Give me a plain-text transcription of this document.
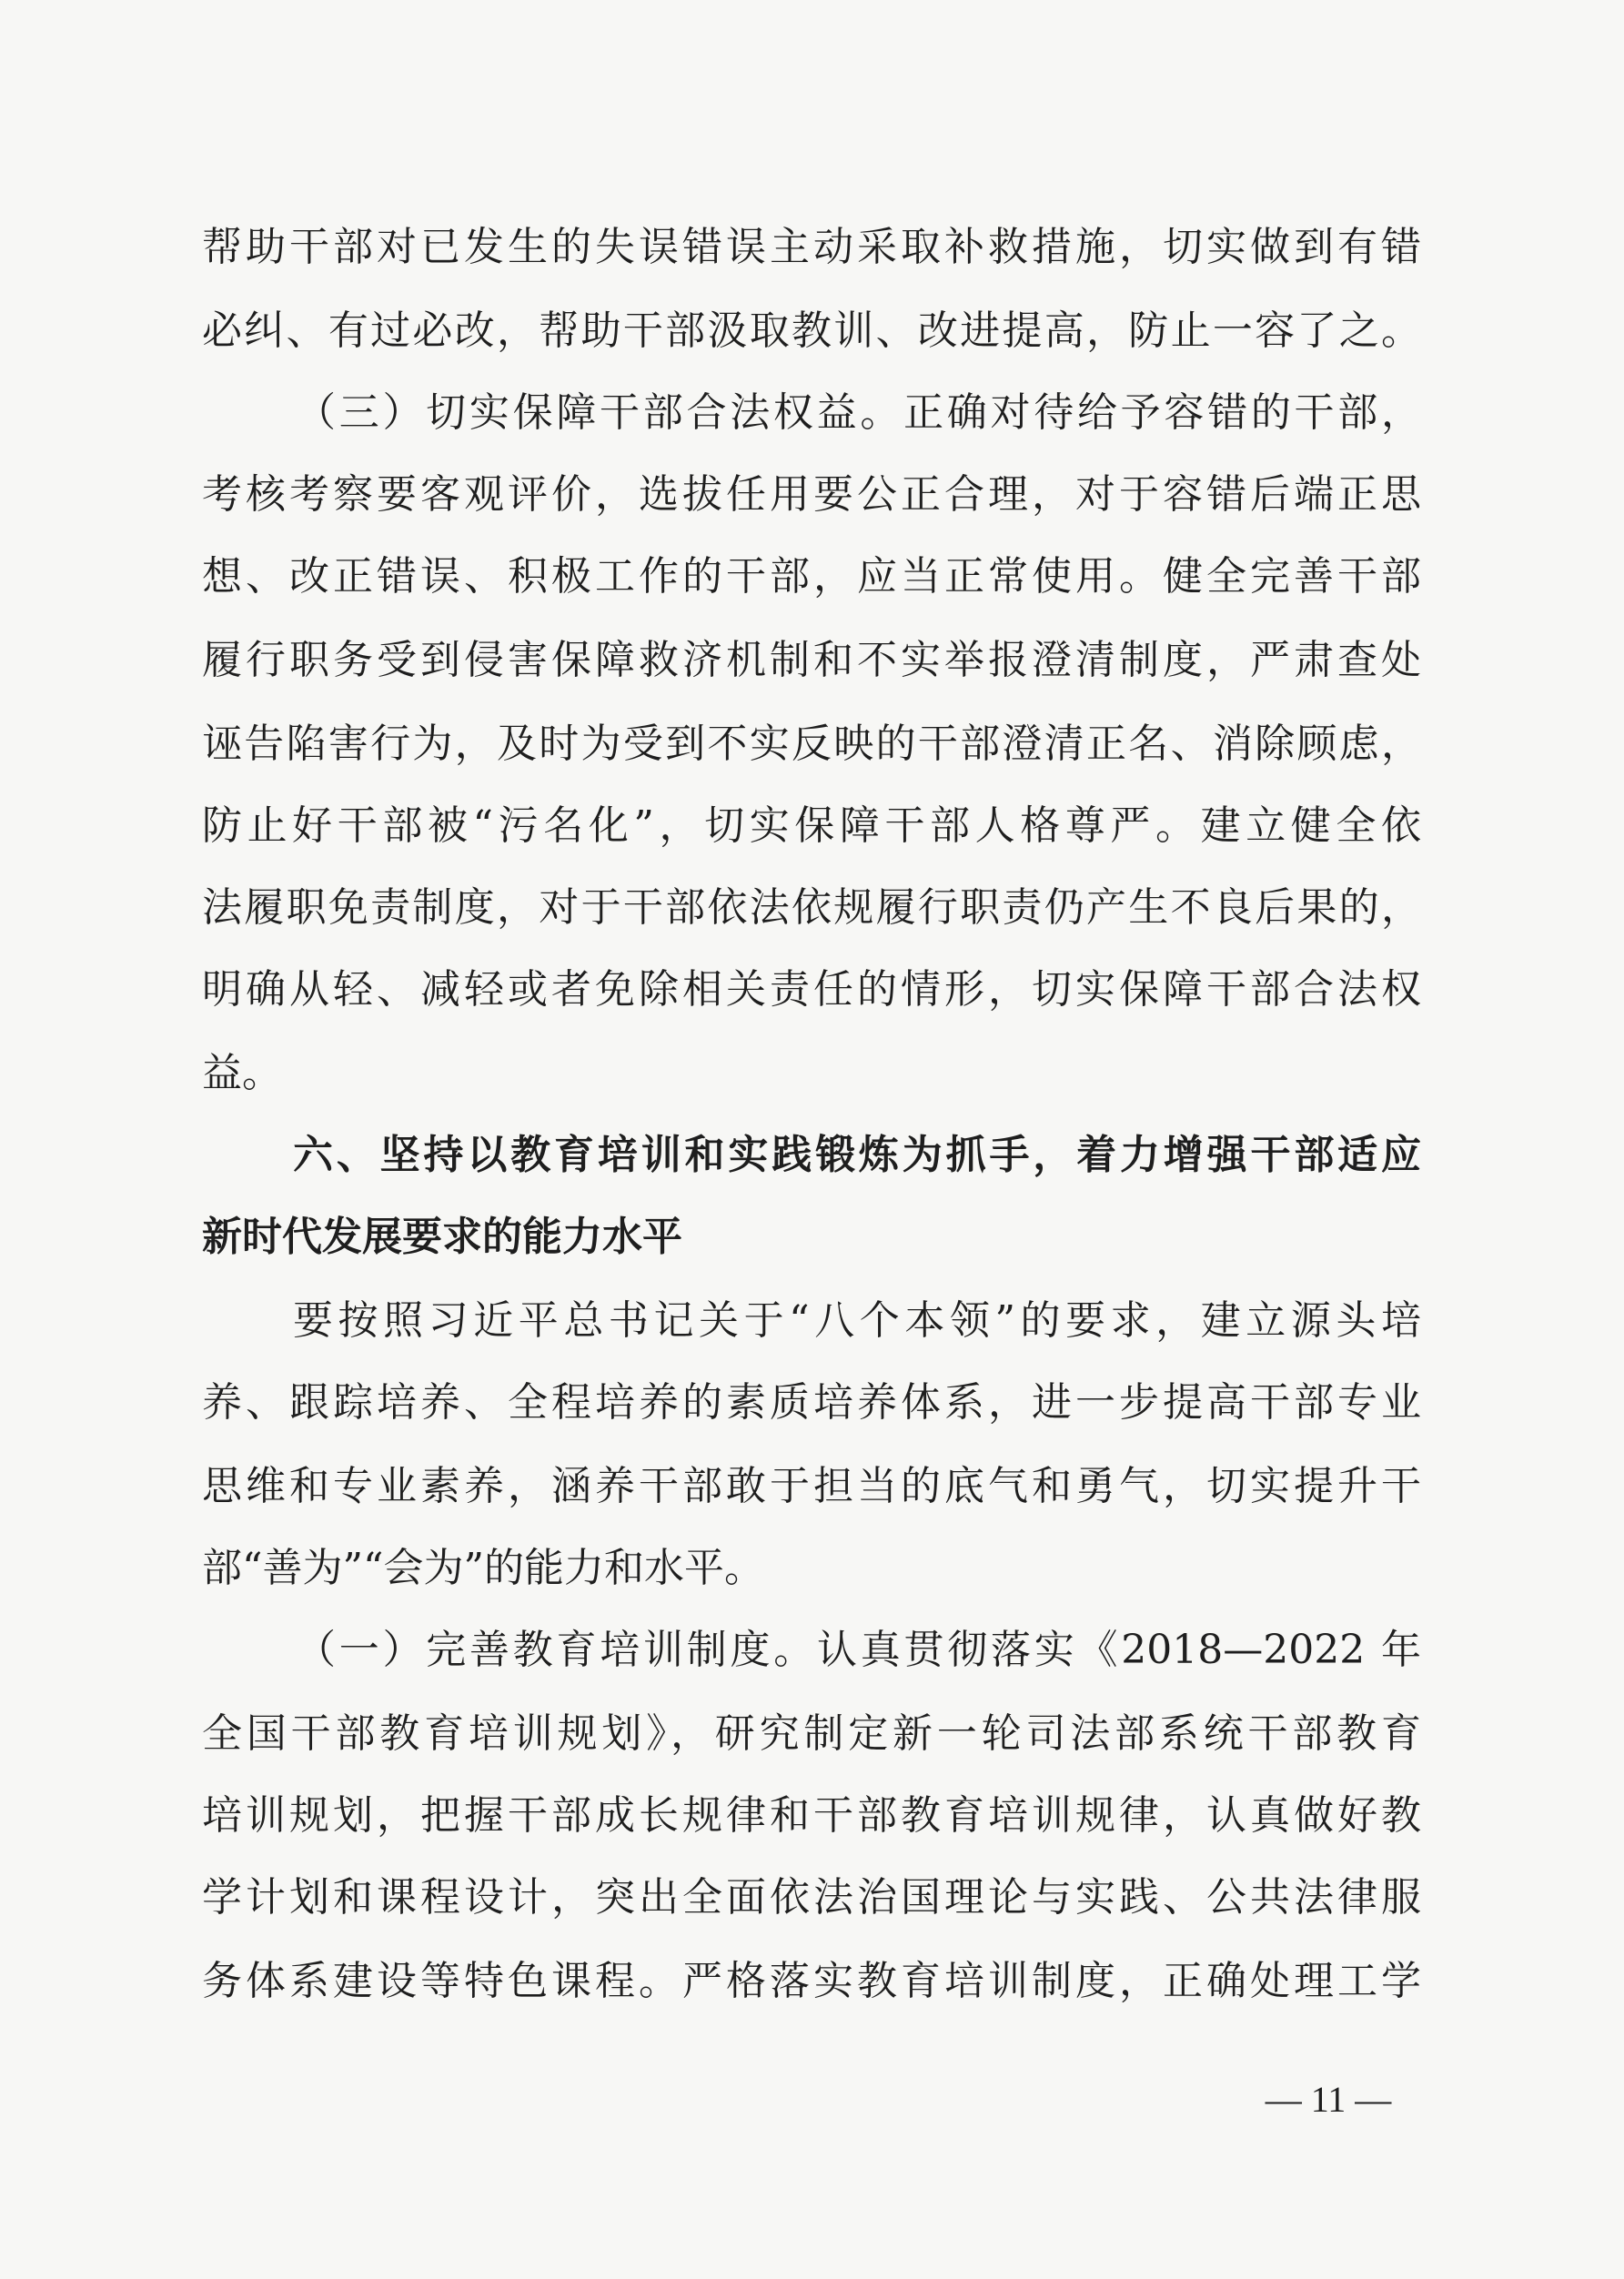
帮助干部对已发生的失误错误主动采取补救措施，切实做到有错
必纠、有过必改，帮助干部汲取教训、改进提高，防止一容了之。
（三）切实保障干部合法权益。正确对待给予容错的干部，
考核考察要客观评价，选拔任用要公正合理，对于容错后端正思
想、改正错误、积极工作的干部，应当正常使用。健全完善干部
履行职务受到侵害保障救济机制和不实举报澄清制度，严肃查处
诬告陷害行为，及时为受到不实反映的干部澄清正名、消除顾虑，
防止好干部被“污名化”，切实保障干部人格尊严。建立健全依
法履职免责制度，对于干部依法依规履行职责仍产生不良后果的，
明确从轻、减轻或者免除相关责任的情形，切实保障干部合法权
益。
六、坚持以教育培训和实践锻炼为抓手，着力增强干部适应
新时代发展要求的能力水平
要按照习近平总书记关于“八个本领”的要求，建立源头培
养、跟踪培养、全程培养的素质培养体系，进一步提高干部专业
思维和专业素养，涵养干部敢于担当的底气和勇气，切实提升干
部“善为”“会为”的能力和水平。
（一）完善教育培训制度。认真贯彻落实《2018—2022 年
全国干部教育培训规划》，研究制定新一轮司法部系统干部教育
培训规划，把握干部成长规律和干部教育培训规律，认真做好教
学计划和课程设计，突出全面依法治国理论与实践、公共法律服
务体系建设等特色课程。严格落实教育培训制度，正确处理工学
— 11 —
